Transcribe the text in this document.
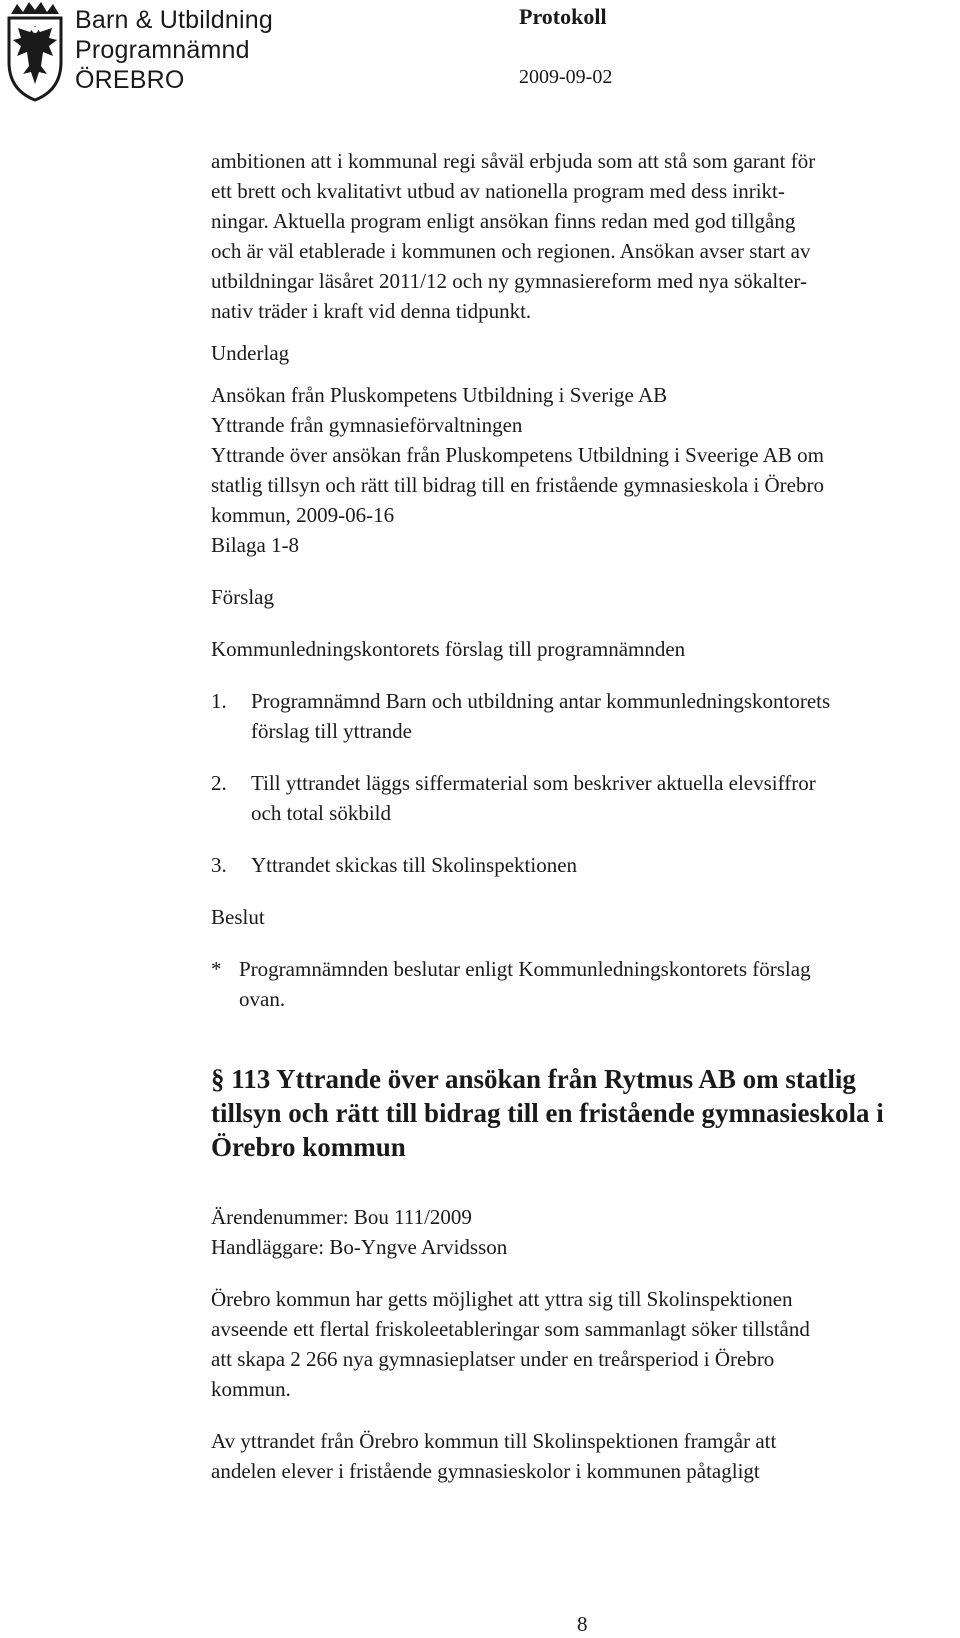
Barn & Utbildning
Programnämnd
ÖREBRO
Protokoll
2009-09-02

ambitionen att i kommunal regi såväl erbjuda som att stå som garant för

ett brett och kvalitativt utbud av nationella program med dess inrikt-

ningar. Aktuella program enligt ansökan finns redan med god tillgång

och är väl etablerade i kommunen och regionen. Ansökan avser start av

utbildningar läsåret 2011/12 och ny gymnasiereform med nya sökalter-

nativ träder i kraft vid denna tidpunkt.

Underlag

Ansökan från Pluskompetens Utbildning i Sverige AB

Yttrande från gymnasieförvaltningen

Yttrande över ansökan från Pluskompetens Utbildning i Sveerige AB om

statlig tillsyn och rätt till bidrag till en fristående gymnasieskola i Örebro

kommun, 2009-06-16

Bilaga 1-8

Förslag

Kommunledningskontorets förslag till programnämnden

1. Programnämnd Barn och utbildning antar kommunledningskontorets

förslag till yttrande

2. Till yttrandet läggs siffermaterial som beskriver aktuella elevsiffror

och total sökbild

3. Yttrandet skickas till Skolinspektionen

Beslut

* Programnämnden beslutar enligt Kommunledningskontorets förslag

ovan.

§ 113 Yttrande över ansökan från Rytmus AB om statlig

tillsyn och rätt till bidrag till en fristående gymnasieskola i

Örebro kommun

Ärendenummer: Bou 111/2009

Handläggare: Bo-Yngve Arvidsson

Örebro kommun har getts möjlighet att yttra sig till Skolinspektionen

avseende ett flertal friskoleetableringar som sammanlagt söker tillstånd

att skapa 2 266 nya gymnasieplatser under en treårsperiod i Örebro

kommun.

Av yttrandet från Örebro kommun till Skolinspektionen framgår att

andelen elever i fristående gymnasieskolor i kommunen påtagligt

8
